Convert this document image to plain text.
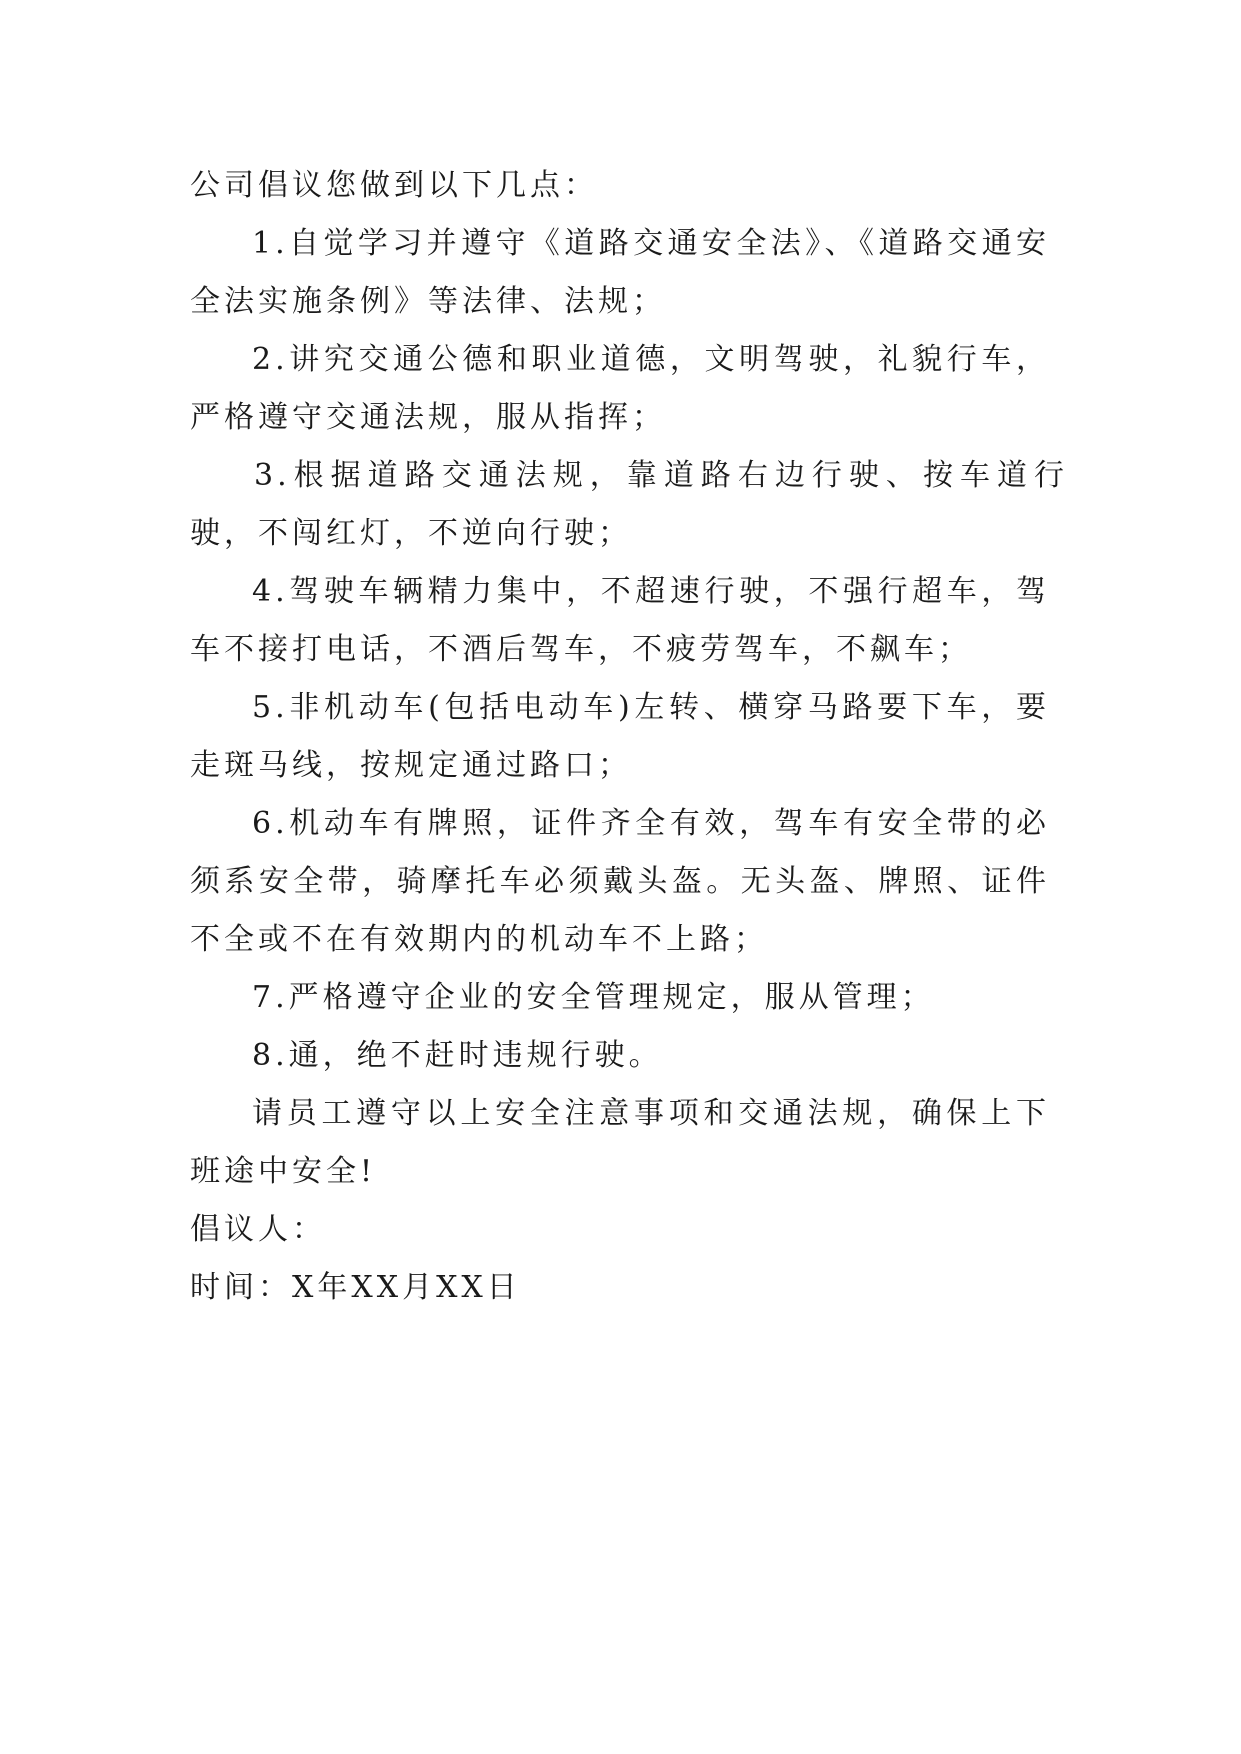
公司倡议您做到以下几点：

1.自觉学习并遵守《道路交通安全法》、《道路交通安全法实施条例》等法律、法规；

2.讲究交通公德和职业道德，文明驾驶，礼貌行车，严格遵守交通法规，服从指挥；

3.根据道路交通法规，靠道路右边行驶、按车道行驶，不闯红灯，不逆向行驶；

4.驾驶车辆精力集中，不超速行驶，不强行超车，驾车不接打电话，不酒后驾车，不疲劳驾车，不飙车；

5.非机动车(包括电动车)左转、横穿马路要下车，要走斑马线，按规定通过路口；

6.机动车有牌照，证件齐全有效，驾车有安全带的必须系安全带，骑摩托车必须戴头盔。无头盔、牌照、证件不全或不在有效期内的机动车不上路；

7.严格遵守企业的安全管理规定，服从管理；

8.通，绝不赶时违规行驶。

请员工遵守以上安全注意事项和交通法规，确保上下班途中安全!

倡议人：

时间：X年XX月XX日
